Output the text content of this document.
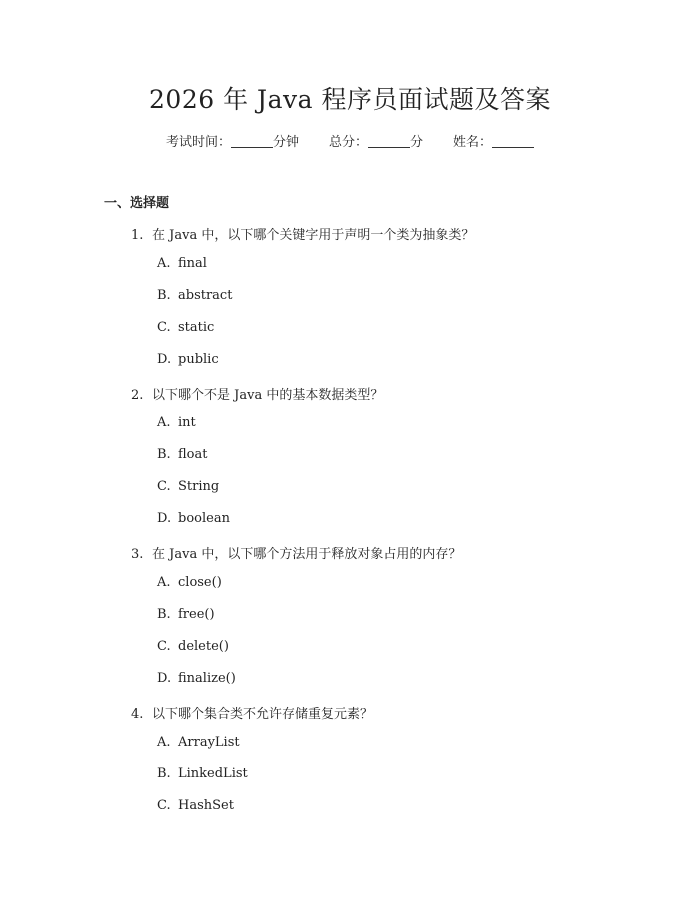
2026 年 Java 程序员面试题及答案
考试时间：	分钟 总分：	分 姓名：
一、选择题
1. 在 Java 中，以下哪个关键字用于声明一个类为抽象类？
A. final
B. abstract
C. static
D. public
2. 以下哪个不是 Java 中的基本数据类型？
A. int
B. float
C. String
D. boolean
3. 在 Java 中，以下哪个方法用于释放对象占用的内存？
A. close()
B. free()
C. delete()
D. finalize()
4. 以下哪个集合类不允许存储重复元素？
A. ArrayList
B. LinkedList
C. HashSet
